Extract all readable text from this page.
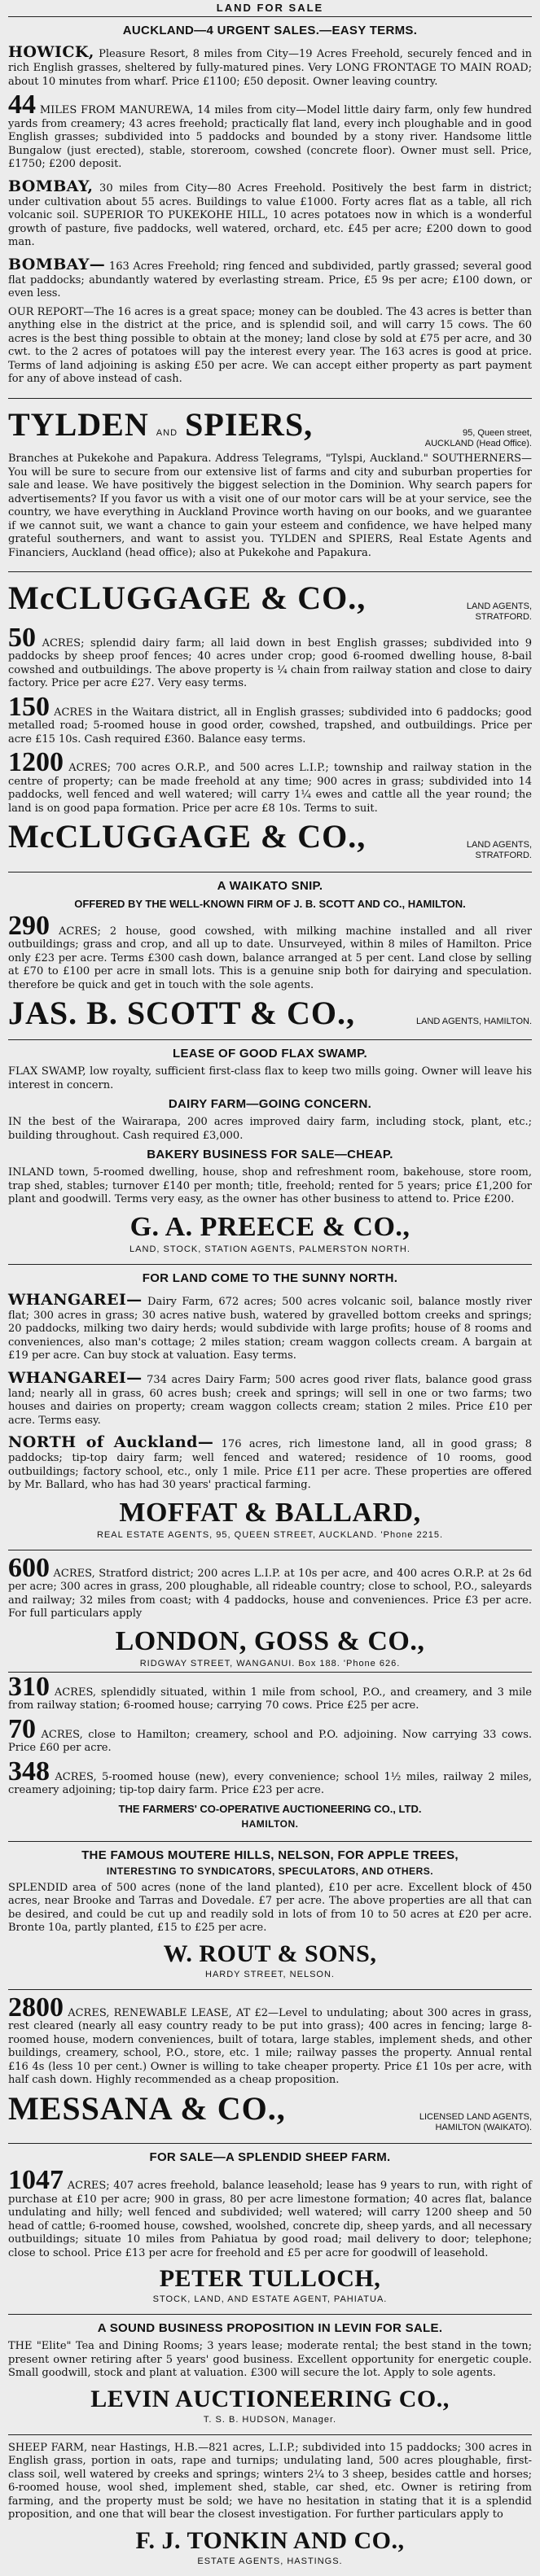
LAND FOR SALE
AUCKLAND—4 URGENT SALES.—EASY TERMS.

HOWICK, Pleasure Resort, 8 miles from City—19 Acres Freehold, securely fenced and in rich English grasses, sheltered by fully-matured pines. Very LONG FRONTAGE TO MAIN ROAD; about 10 minutes from wharf. Price £1100; £50 deposit. Owner leaving country.

44 MILES FROM MANUREWA, 14 miles from city—Model little dairy farm, only few hundred yards from creamery; 43 acres freehold; practically flat land, every inch ploughable and in good English grasses; subdivided into 5 paddocks and bounded by a stony river. Handsome little Bungalow (just erected), stable, storeroom, cowshed (concrete floor). Owner must sell. Price, £1750; £200 deposit.

BOMBAY, 30 miles from City—80 Acres Freehold. Positively the best farm in district; under cultivation about 55 acres. Buildings to value £1000. Forty acres flat as a table, all rich volcanic soil. SUPERIOR TO PUKEKOHE HILL, 10 acres potatoes now in which is a wonderful growth of pasture, five paddocks, well watered, orchard, etc. £45 per acre; £200 down to good man.

BOMBAY— 163 Acres Freehold; ring fenced and subdivided, partly grassed; several good flat paddocks; abundantly watered by everlasting stream. Price, £5 9s per acre; £100 down, or even less.

OUR REPORT—The 16 acres is a great space; money can be doubled. The 43 acres is better than anything else in the district at the price, and is splendid soil, and will carry 15 cows. The 60 acres is the best thing possible to obtain at the money; land close by sold at £75 per acre, and 30 cwt. to the 2 acres of potatoes will pay the interest every year. The 163 acres is good at price. Terms of land adjoining is asking £50 per acre. We can accept either property as part payment for any of above instead of cash.

TYLDEN AND SPIERS,	95, Queen street,
AUCKLAND (Head Office).

Branches at Pukekohe and Papakura. Address Telegrams, "Tylspi, Auckland." SOUTHERNERS—You will be sure to secure from our extensive list of farms and city and suburban properties for sale and lease. We have positively the biggest selection in the Dominion. Why search papers for advertisements? If you favor us with a visit one of our motor cars will be at your service, see the country, we have everything in Auckland Province worth having on our books, and we guarantee if we cannot suit, we want a chance to gain your esteem and confidence, we have helped many grateful southerners, and want to assist you. TYLDEN and SPIERS, Real Estate Agents and Financiers, Auckland (head office); also at Pukekohe and Papakura.

McCLUGGAGE & CO.,	LAND AGENTS,
STRATFORD.

50 ACRES; splendid dairy farm; all laid down in best English grasses; subdivided into 9 paddocks by sheep proof fences; 40 acres under crop; good 6-roomed dwelling house, 8-bail cowshed and outbuildings. The above property is ¼ chain from railway station and close to dairy factory. Price per acre £27. Very easy terms.

150 ACRES in the Waitara district, all in English grasses; subdivided into 6 paddocks; good metalled road; 5-roomed house in good order, cowshed, trapshed, and outbuildings. Price per acre £15 10s. Cash required £360. Balance easy terms.

1200 ACRES; 700 acres O.R.P., and 500 acres L.I.P.; township and railway station in the centre of property; can be made freehold at any time; 900 acres in grass; subdivided into 14 paddocks, well fenced and well watered; will carry 1¼ ewes and cattle all the year round; the land is on good papa formation. Price per acre £8 10s. Terms to suit.

McCLUGGAGE & CO.,	LAND AGENTS,
STRATFORD.
A WAIKATO SNIP.
OFFERED BY THE WELL-KNOWN FIRM OF J. B. SCOTT AND CO., HAMILTON.

290 ACRES; 2 house, good cowshed, with milking machine installed and all river outbuildings; grass and crop, and all up to date. Unsurveyed, within 8 miles of Hamilton. Price only £23 per acre. Terms £300 cash down, balance arranged at 5 per cent. Land close by selling at £70 to £100 per acre in small lots. This is a genuine snip both for dairying and speculation. therefore be quick and get in touch with the sole agents.

JAS. B. SCOTT & CO.,	LAND AGENTS, HAMILTON.
LEASE OF GOOD FLAX SWAMP.

FLAX SWAMP, low royalty, sufficient first-class flax to keep two mills going. Owner will leave his interest in concern.

DAIRY FARM—GOING CONCERN.

IN the best of the Wairarapa, 200 acres improved dairy farm, including stock, plant, etc.; building throughout. Cash required £3,000.

BAKERY BUSINESS FOR SALE—CHEAP.

INLAND town, 5-roomed dwelling, house, shop and refreshment room, bakehouse, store room, trap shed, stables; turnover £140 per month; title, freehold; rented for 5 years; price £1,200 for plant and goodwill. Terms very easy, as the owner has other business to attend to. Price £200.

G. A. PREECE & CO.,
LAND, STOCK, STATION AGENTS, PALMERSTON NORTH.
FOR LAND COME TO THE SUNNY NORTH.

WHANGAREI— Dairy Farm, 672 acres; 500 acres volcanic soil, balance mostly river flat; 300 acres in grass; 30 acres native bush, watered by gravelled bottom creeks and springs; 20 paddocks, milking two dairy herds; would subdivide with large profits; house of 8 rooms and conveniences, also man's cottage; 2 miles station; cream waggon collects cream. A bargain at £19 per acre. Can buy stock at valuation. Easy terms.

WHANGAREI— 734 acres Dairy Farm; 500 acres good river flats, balance good grass land; nearly all in grass, 60 acres bush; creek and springs; will sell in one or two farms; two houses and dairies on property; cream waggon collects cream; station 2 miles. Price £10 per acre. Terms easy.

NORTH of Auckland— 176 acres, rich limestone land, all in good grass; 8 paddocks; tip-top dairy farm; well fenced and watered; residence of 10 rooms, good outbuildings; factory school, etc., only 1 mile. Price £11 per acre. These properties are offered by Mr. Ballard, who has had 30 years' practical farming.

MOFFAT & BALLARD,
REAL ESTATE AGENTS, 95, QUEEN STREET, AUCKLAND. 'Phone 2215.

600 ACRES, Stratford district; 200 acres L.I.P. at 10s per acre, and 400 acres O.R.P. at 2s 6d per acre; 300 acres in grass, 200 ploughable, all rideable country; close to school, P.O., saleyards and railway; 32 miles from coast; with 4 paddocks, house and conveniences. Price £3 per acre. For full particulars apply

LONDON, GOSS & CO.,
RIDGWAY STREET, WANGANUI. Box 188. 'Phone 626.

310 ACRES, splendidly situated, within 1 mile from school, P.O., and creamery, and 3 mile from railway station; 6-roomed house; carrying 70 cows. Price £25 per acre.

70 ACRES, close to Hamilton; creamery, school and P.O. adjoining. Now carrying 33 cows. Price £60 per acre.

348 ACRES, 5-roomed house (new), every convenience; school 1½ miles, railway 2 miles, creamery adjoining; tip-top dairy farm. Price £23 per acre.

THE FARMERS' CO-OPERATIVE AUCTIONEERING CO., LTD.
HAMILTON.
THE FAMOUS MOUTERE HILLS, NELSON, FOR APPLE TREES,
INTERESTING TO SYNDICATORS, SPECULATORS, AND OTHERS.

SPLENDID area of 500 acres (none of the land planted), £10 per acre. Excellent block of 450 acres, near Brooke and Tarras and Dovedale. £7 per acre. The above properties are all that can be desired, and could be cut up and readily sold in lots of from 10 to 50 acres at £20 per acre. Bronte 10a, partly planted, £15 to £25 per acre.

W. ROUT & SONS,
HARDY STREET, NELSON.

2800 ACRES, RENEWABLE LEASE, AT £2—Level to undulating; about 300 acres in grass, rest cleared (nearly all easy country ready to be put into grass); 400 acres in fencing; large 8-roomed house, modern conveniences, built of totara, large stables, implement sheds, and other buildings, creamery, school, P.O., store, etc. 1 mile; railway passes the property. Annual rental £16 4s (less 10 per cent.) Owner is willing to take cheaper property. Price £1 10s per acre, with half cash down. Highly recommended as a cheap proposition.

MESSANA & CO.,	LICENSED LAND AGENTS,
HAMILTON (WAIKATO).
FOR SALE—A SPLENDID SHEEP FARM.

1047 ACRES; 407 acres freehold, balance leasehold; lease has 9 years to run, with right of purchase at £10 per acre; 900 in grass, 80 per acre limestone formation; 40 acres flat, balance undulating and hilly; well fenced and subdivided; well watered; will carry 1200 sheep and 50 head of cattle; 6-roomed house, cowshed, woolshed, concrete dip, sheep yards, and all necessary outbuildings; situate 10 miles from Pahiatua by good road; mail delivery to door; telephone; close to school. Price £13 per acre for freehold and £5 per acre for goodwill of leasehold.

PETER TULLOCH,
STOCK, LAND, AND ESTATE AGENT, PAHIATUA.
A SOUND BUSINESS PROPOSITION IN LEVIN FOR SALE.

THE "Elite" Tea and Dining Rooms; 3 years lease; moderate rental; the best stand in the town; present owner retiring after 5 years' good business. Excellent opportunity for energetic couple. Small goodwill, stock and plant at valuation. £300 will secure the lot. Apply to sole agents.

LEVIN AUCTIONEERING CO.,
T. S. B. HUDSON, Manager.

SHEEP FARM, near Hastings, H.B.—821 acres, L.I.P.; subdivided into 15 paddocks; 300 acres in English grass, portion in oats, rape and turnips; undulating land, 500 acres ploughable, first-class soil, well watered by creeks and springs; winters 2¼ to 3 sheep, besides cattle and horses; 6-roomed house, wool shed, implement shed, stable, car shed, etc. Owner is retiring from farming, and the property must be sold; we have no hesitation in stating that it is a splendid proposition, and one that will bear the closest investigation. For further particulars apply to

F. J. TONKIN AND CO.,
ESTATE AGENTS, HASTINGS.
